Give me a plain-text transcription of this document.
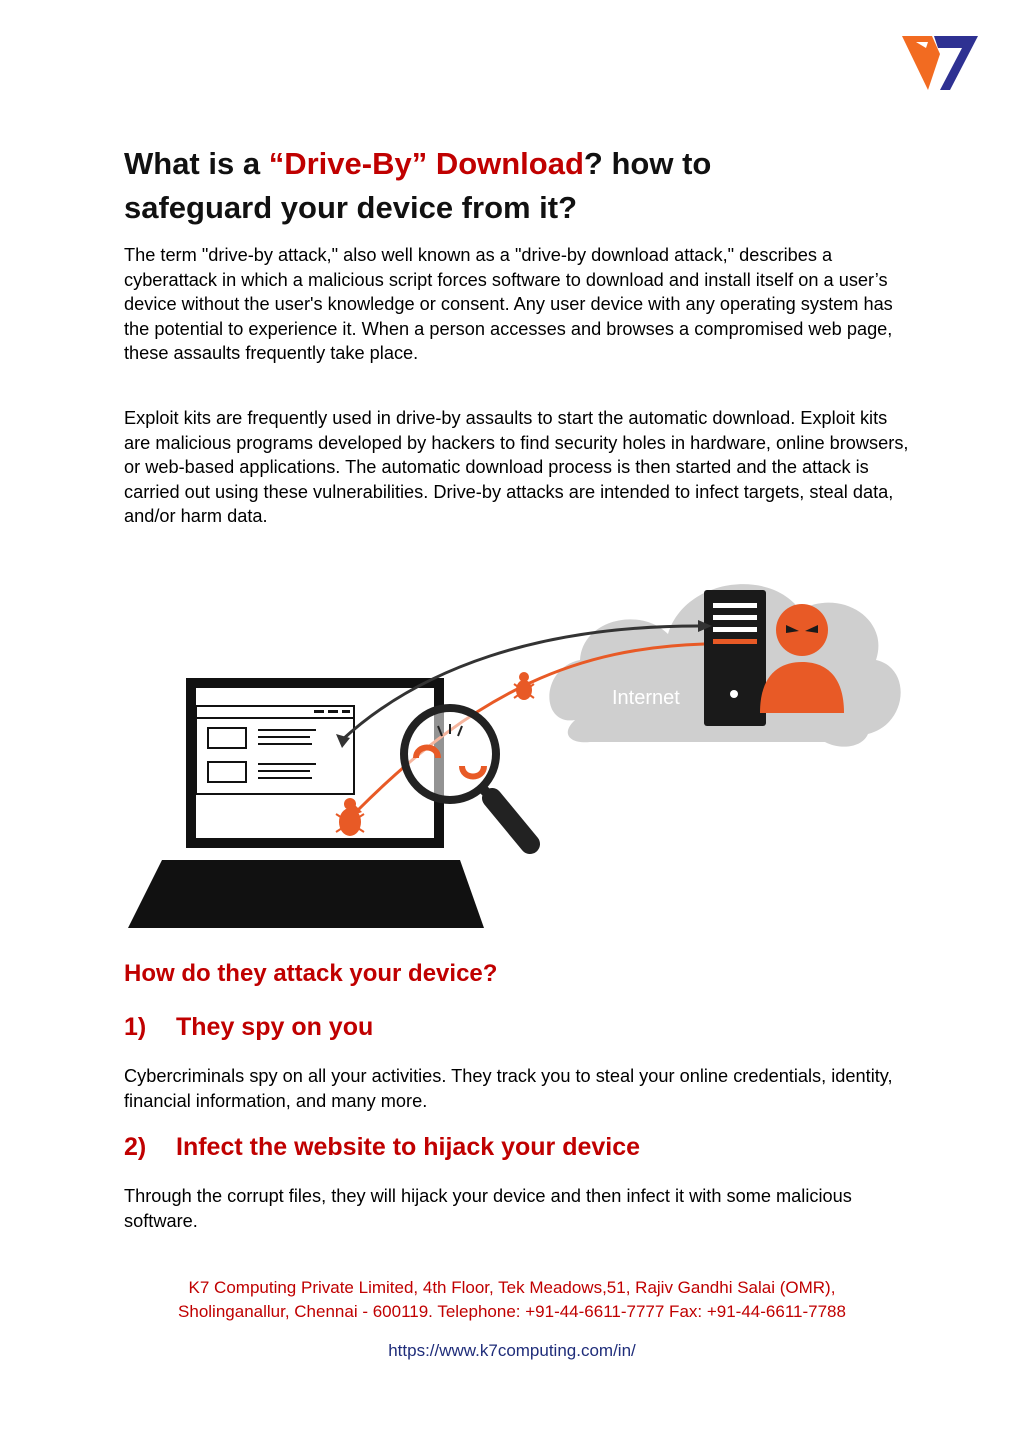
What is a “Drive-By” Download? how to
safeguard your device from it?

The term "drive-by attack," also well known as a "drive-by download attack," describes a cyberattack in which a malicious script forces software to download and install itself on a user’s device without the user's knowledge or consent. Any user device with any operating system has the potential to experience it. When a person accesses and browses a compromised web page, these assaults frequently take place.

Exploit kits are frequently used in drive-by assaults to start the automatic download. Exploit kits are malicious programs developed by hackers to find security holes in hardware, online browsers, or web-based applications. The automatic download process is then started and the attack is carried out using these vulnerabilities. Drive-by attacks are intended to infect targets, steal data, and/or harm data.

Internet
How do they attack your device?
1) They spy on you

Cybercriminals spy on all your activities. They track you to steal your online credentials, identity, financial information, and many more.

2) Infect the website to hijack your device

Through the corrupt files, they will hijack your device and then infect it with some malicious software.

K7 Computing Private Limited, 4th Floor, Tek Meadows,51, Rajiv Gandhi Salai (OMR),

Sholinganallur, Chennai - 600119. Telephone: +91-44-6611-7777 Fax: +91-44-6611-7788

https://www.k7computing.com/in/
